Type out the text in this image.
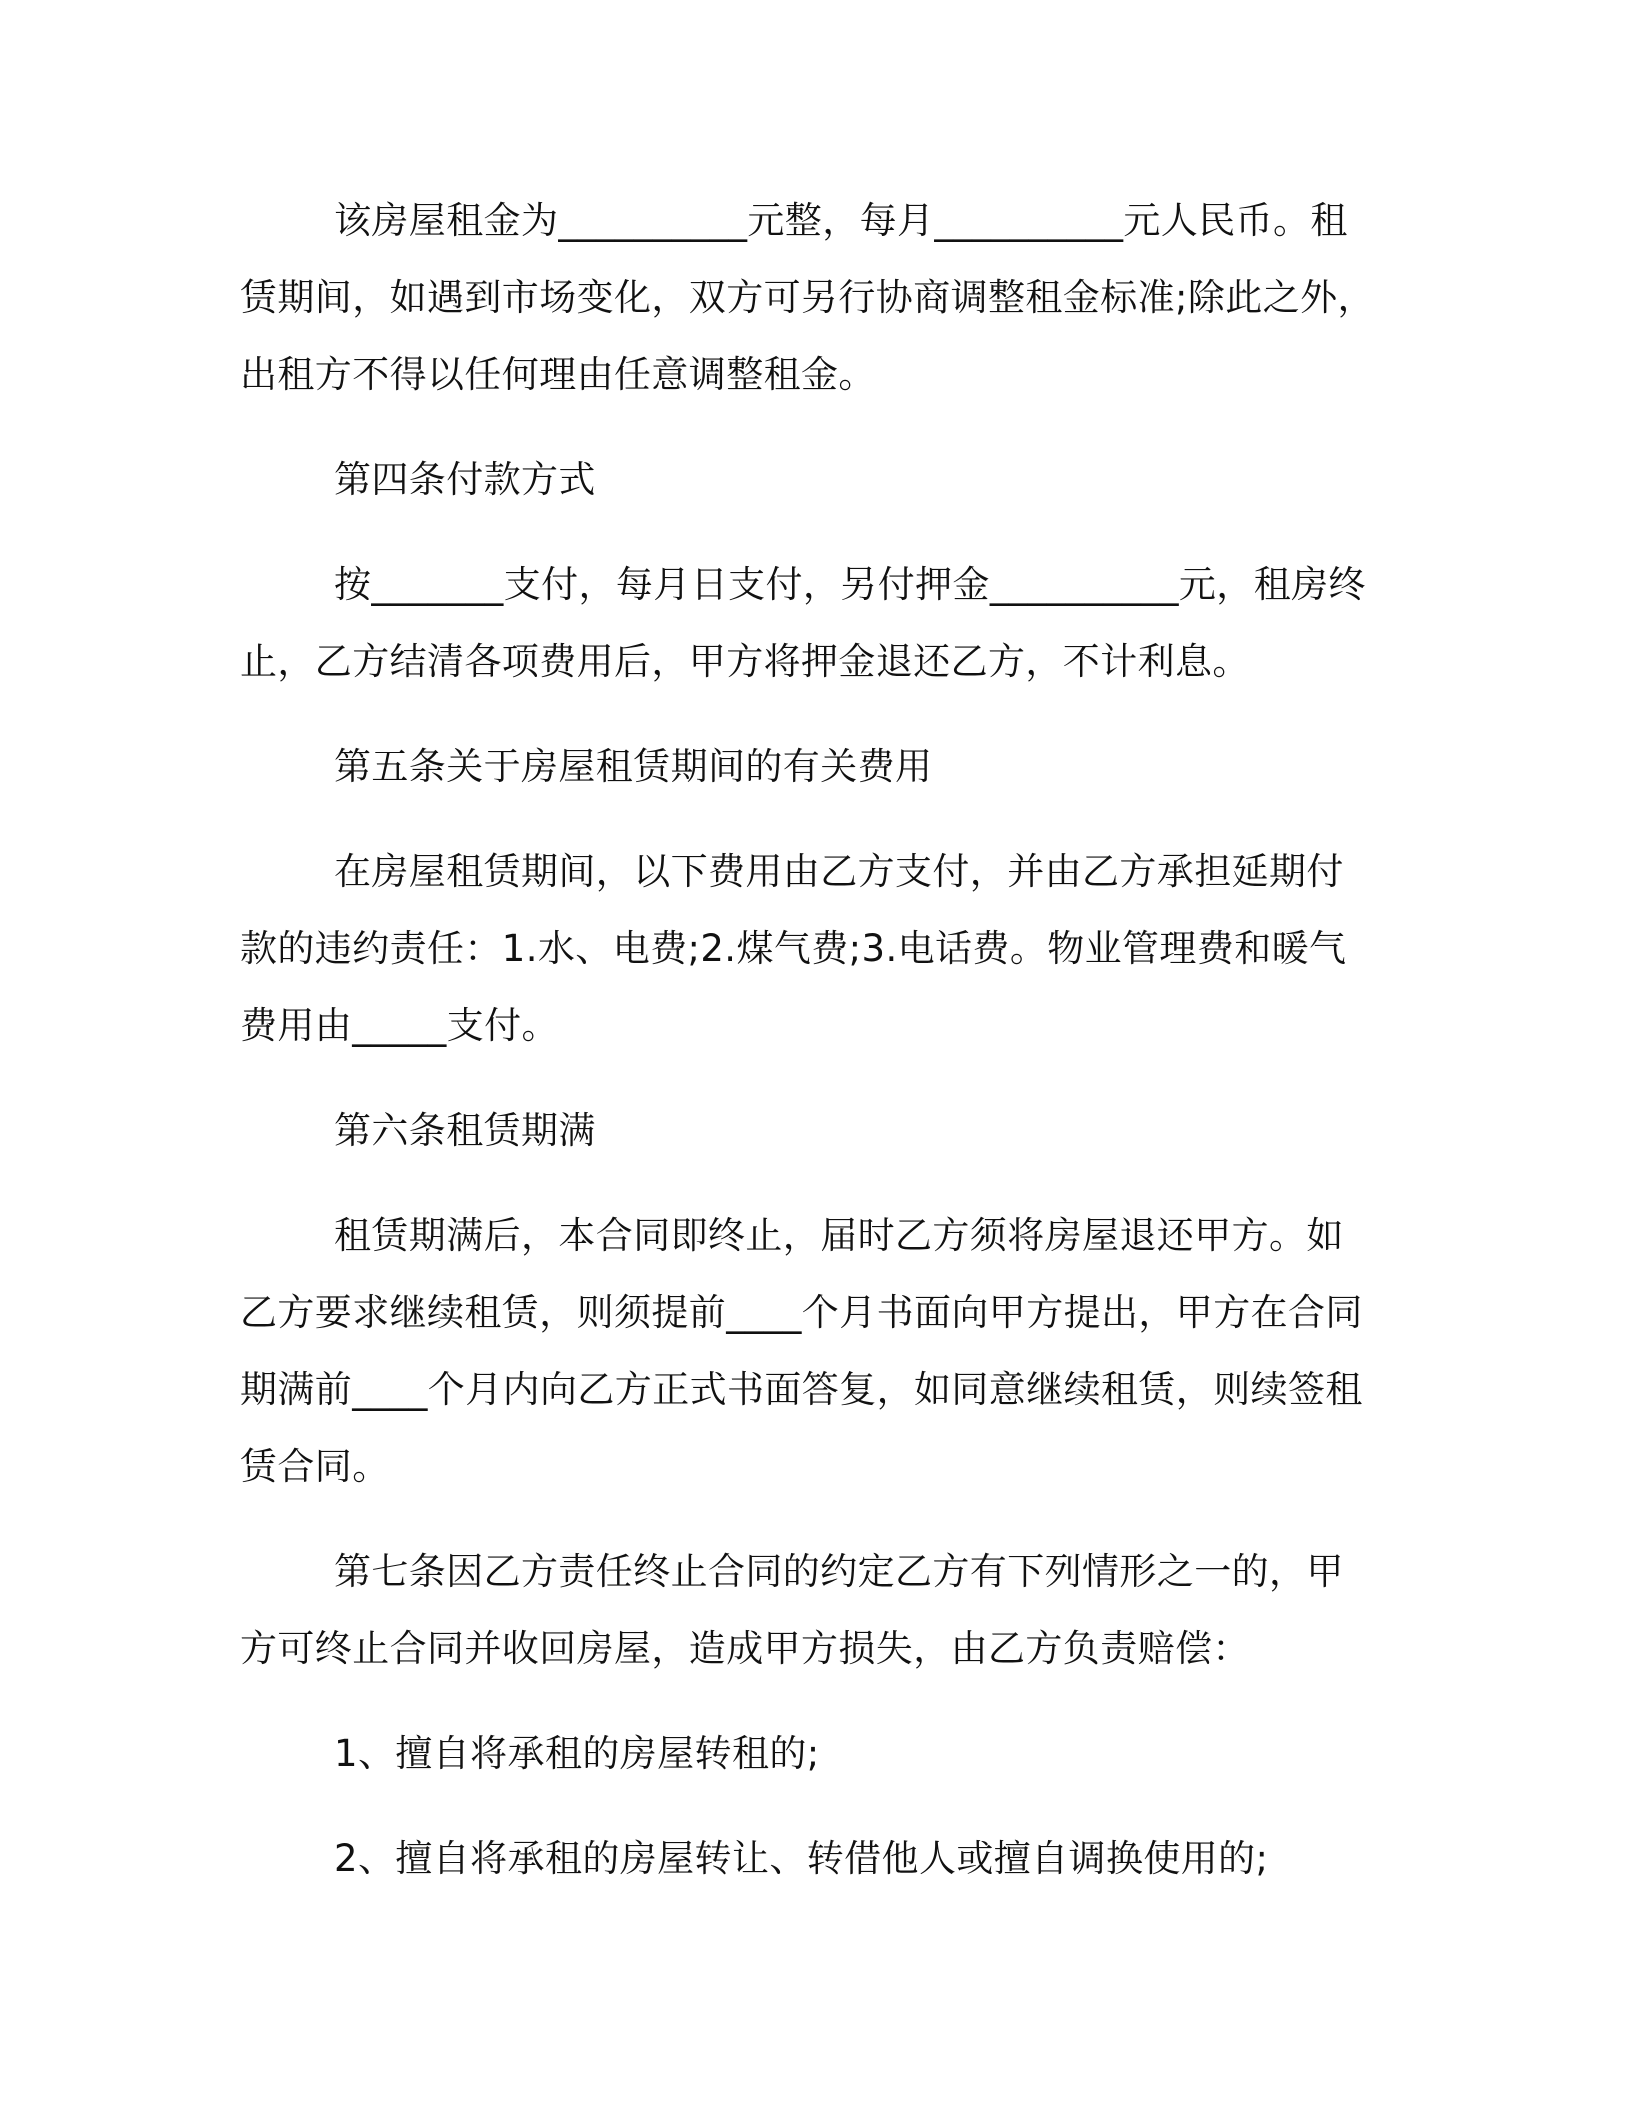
该房屋租金为__________元整，每月__________元人民币。租赁期间，如遇到市场变化，双方可另行协商调整租金标准;除此之外，出租方不得以任何理由任意调整租金。

第四条付款方式

按_______支付，每月日支付，另付押金__________元，租房终止，乙方结清各项费用后，甲方将押金退还乙方，不计利息。

第五条关于房屋租赁期间的有关费用

在房屋租赁期间，以下费用由乙方支付，并由乙方承担延期付款的违约责任：1.水、电费;2.煤气费;3.电话费。物业管理费和暖气费用由_____支付。

第六条租赁期满

租赁期满后，本合同即终止，届时乙方须将房屋退还甲方。如乙方要求继续租赁，则须提前____个月书面向甲方提出，甲方在合同期满前____个月内向乙方正式书面答复，如同意继续租赁，则续签租赁合同。

第七条因乙方责任终止合同的约定乙方有下列情形之一的，甲方可终止合同并收回房屋，造成甲方损失，由乙方负责赔偿：

1、擅自将承租的房屋转租的;

2、擅自将承租的房屋转让、转借他人或擅自调换使用的;
